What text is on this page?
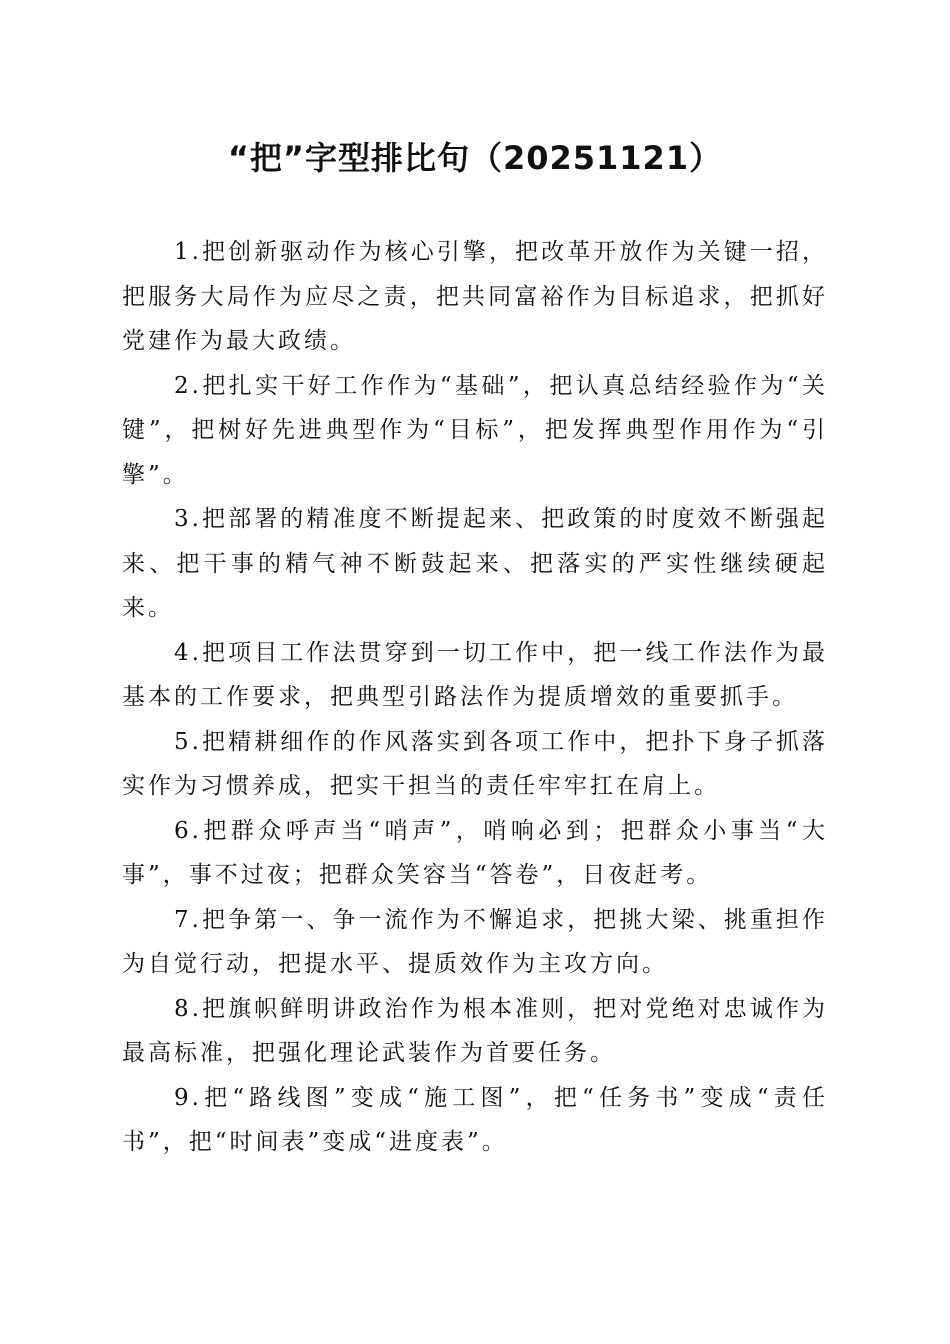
“把”字型排比句（20251121）

1.把创新驱动作为核心引擎，把改革开放作为关键一招，把服务大局作为应尽之责，把共同富裕作为目标追求，把抓好党建作为最大政绩。

2.把扎实干好工作作为“基础”，把认真总结经验作为“关键”，把树好先进典型作为“目标”，把发挥典型作用作为“引擎”。

3.把部署的精准度不断提起来、把政策的时度效不断强起来、把干事的精气神不断鼓起来、把落实的严实性继续硬起来。

4.把项目工作法贯穿到一切工作中，把一线工作法作为最基本的工作要求，把典型引路法作为提质增效的重要抓手。

5.把精耕细作的作风落实到各项工作中，把扑下身子抓落实作为习惯养成，把实干担当的责任牢牢扛在肩上。

6.把群众呼声当“哨声”，哨响必到；把群众小事当“大事”，事不过夜；把群众笑容当“答卷”，日夜赶考。

7.把争第一、争一流作为不懈追求，把挑大梁、挑重担作为自觉行动，把提水平、提质效作为主攻方向。

8.把旗帜鲜明讲政治作为根本准则，把对党绝对忠诚作为最高标准，把强化理论武装作为首要任务。

9.把“路线图”变成“施工图”，把“任务书”变成“责任书”，把“时间表”变成“进度表”。
